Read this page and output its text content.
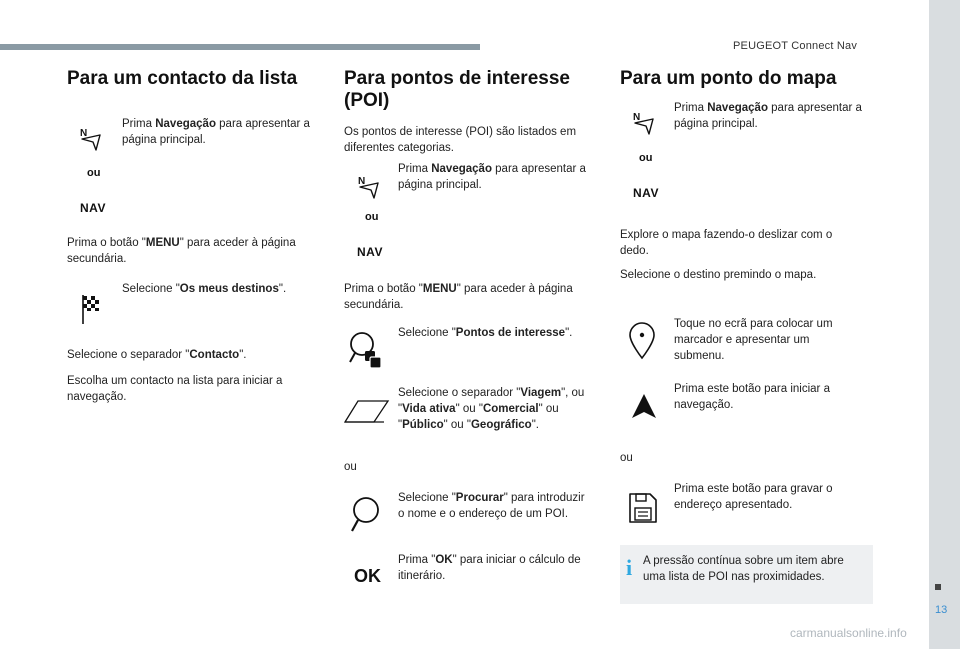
PEUGEOT Connect Nav
13
carmanualsonline.info
Para um contacto da lista
N

Prima Navegação para apresentar a página principal.

ou
NAV

Prima o botão "MENU" para aceder à página secundária.

Selecione "Os meus destinos".

Selecione o separador "Contacto".

Escolha um contacto na lista para iniciar a navegação.

Para pontos de interesse (POI)

Os pontos de interesse (POI) são listados em diferentes categorias.

N

Prima Navegação para apresentar a página principal.

ou
NAV

Prima o botão "MENU" para aceder à página secundária.

Selecione "Pontos de interesse".

Selecione o separador "Viagem", ou "Vida ativa" ou "Comercial" ou "Público" ou "Geográfico".

ou

Selecione "Procurar" para introduzir o nome e o endereço de um POI.

OK

Prima "OK" para iniciar o cálculo de itinerário.

Para um ponto do mapa
N

Prima Navegação para apresentar a página principal.

ou
NAV

Explore o mapa fazendo-o deslizar com o dedo.

Selecione o destino premindo o mapa.

Toque no ecrã para colocar um marcador e apresentar um submenu.

Prima este botão para iniciar a navegação.

ou

Prima este botão para gravar o endereço apresentado.

i A pressão contínua sobre um item abre uma lista de POI nas proximidades.
